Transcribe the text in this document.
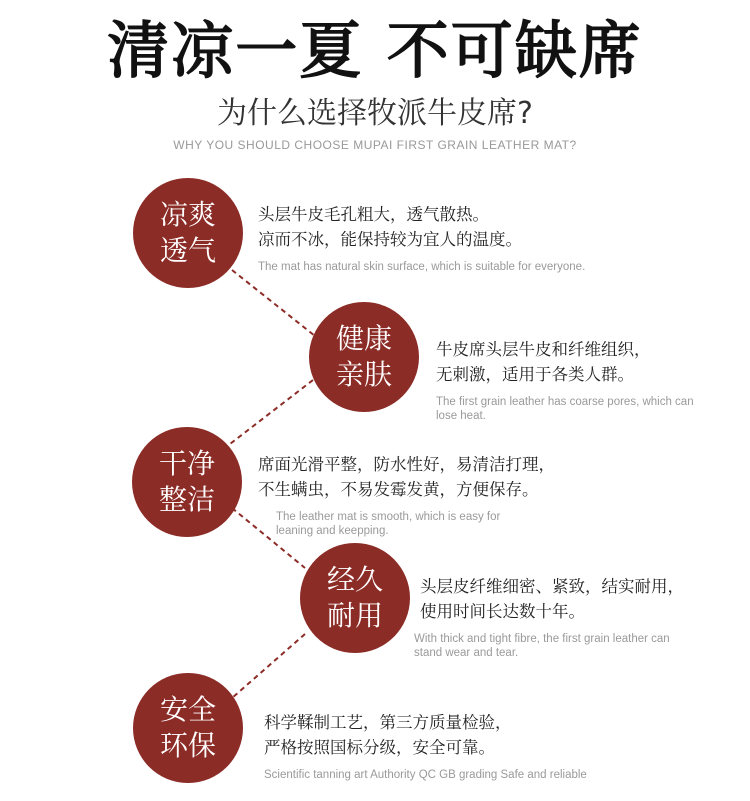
清凉一夏 不可缺席
为什么选择牧派牛皮席?
WHY YOU SHOULD CHOOSE MUPAI FIRST GRAIN LEATHER MAT?
凉爽透气
头层牛皮毛孔粗大，透气散热。
凉而不冰，能保持较为宜人的温度。
The mat has natural skin surface, which is suitable for everyone.
健康亲肤
牛皮席头层牛皮和纤维组织，
无刺激，适用于各类人群。
The first grain leather has coarse pores, which can lose heat.
干净整洁
席面光滑平整，防水性好，易清洁打理，
不生螨虫，不易发霉发黄，方便保存。
The leather mat is smooth, which is easy for leaning and keepping.
经久耐用
头层皮纤维细密、紧致，结实耐用，
使用时间长达数十年。
With thick and tight fibre, the first grain leather can stand wear and tear.
安全环保
科学鞣制工艺，第三方质量检验，
严格按照国标分级，安全可靠。
Scientific tanning art Authority QC GB grading Safe and reliable
